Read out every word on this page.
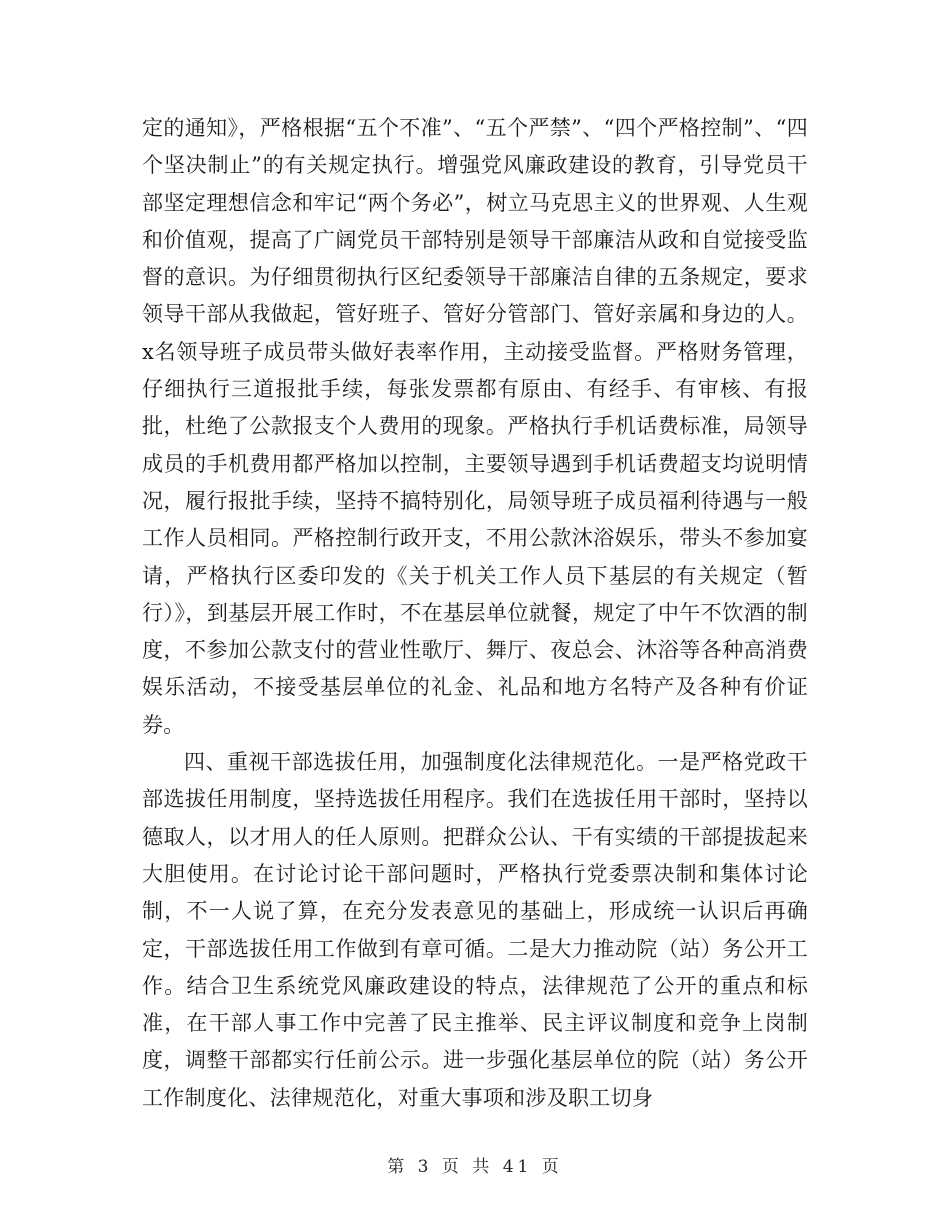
定的通知》，严格根据“五个不准”、“五个严禁”、“四个严格控制”、“四个坚决制止”的有关规定执行。增强党风廉政建设的教育，引导党员干部坚定理想信念和牢记“两个务必”，树立马克思主义的世界观、人生观和价值观，提高了广阔党员干部特别是领导干部廉洁从政和自觉接受监督的意识。为仔细贯彻执行区纪委领导干部廉洁自律的五条规定，要求领导干部从我做起，管好班子、管好分管部门、管好亲属和身边的人。x名领导班子成员带头做好表率作用，主动接受监督。严格财务管理，仔细执行三道报批手续，每张发票都有原由、有经手、有审核、有报批，杜绝了公款报支个人费用的现象。严格执行手机话费标准，局领导成员的手机费用都严格加以控制，主要领导遇到手机话费超支均说明情况，履行报批手续，坚持不搞特别化，局领导班子成员福利待遇与一般工作人员相同。严格控制行政开支，不用公款沐浴娱乐，带头不参加宴请，严格执行区委印发的《关于机关工作人员下基层的有关规定（暂行）》，到基层开展工作时，不在基层单位就餐，规定了中午不饮酒的制度，不参加公款支付的营业性歌厅、舞厅、夜总会、沐浴等各种高消费娱乐活动，不接受基层单位的礼金、礼品和地方名特产及各种有价证券。

四、重视干部选拔任用，加强制度化法律规范化。一是严格党政干部选拔任用制度，坚持选拔任用程序。我们在选拔任用干部时，坚持以德取人，以才用人的任人原则。把群众公认、干有实绩的干部提拔起来大胆使用。在讨论讨论干部问题时，严格执行党委票决制和集体讨论制，不一人说了算，在充分发表意见的基础上，形成统一认识后再确定，干部选拔任用工作做到有章可循。二是大力推动院（站）务公开工作。结合卫生系统党风廉政建设的特点，法律规范了公开的重点和标准，在干部人事工作中完善了民主推举、民主评议制度和竞争上岗制度，调整干部都实行任前公示。进一步强化基层单位的院（站）务公开工作制度化、法律规范化，对重大事项和涉及职工切身

第 3 页 共 41 页
